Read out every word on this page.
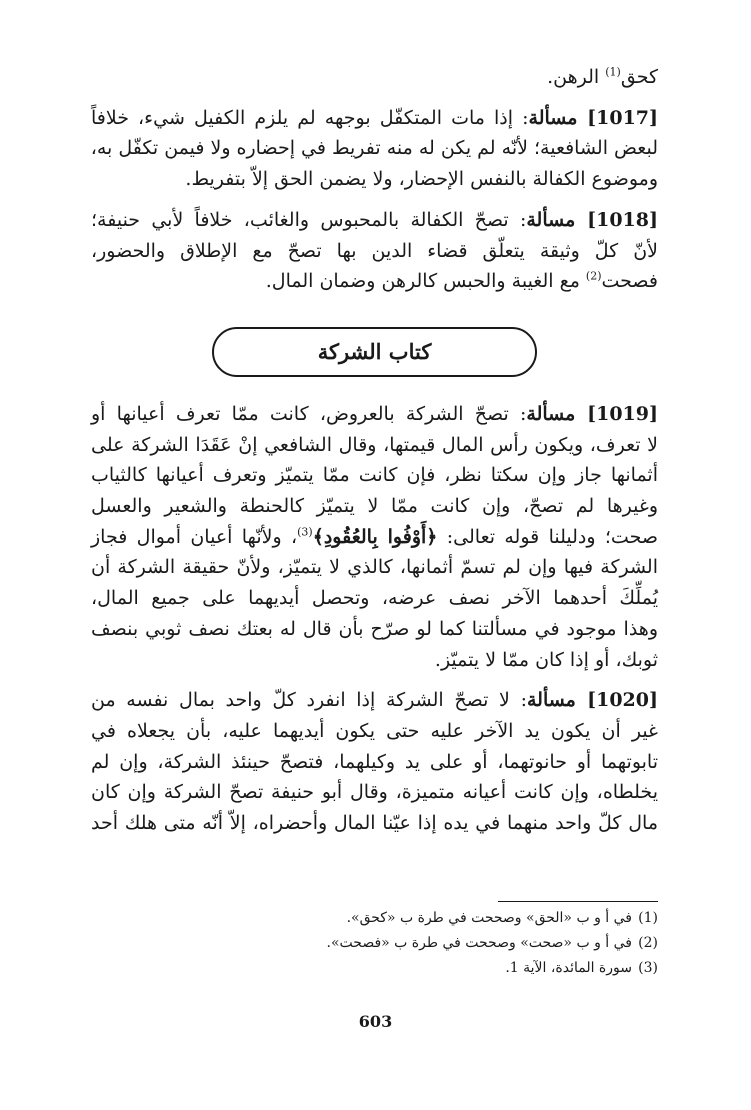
كحق$^{(1)}$ الرهن.

[1017] مسألة: إذا مات المتكفّل بوجهه لم يلزم الكفيل شيء، خلافاً

لبعض الشافعية؛ لأنّه لم يكن له منه تفريط في إحضاره ولا فيمن تكفّل به،

وموضوع الكفالة بالنفس الإحضار، ولا يضمن الحق إلاّ بتفريط.

[1018] مسألة: تصحّ الكفالة بالمحبوس والغائب، خلافاً لأبي حنيفة؛

لأنّ كلّ وثيقة يتعلّق قضاء الدين بها تصحّ مع الإطلاق والحضور،

فصحت$^{(2)}$ مع الغيبة والحبس كالرهن وضمان المال.

كتاب الشركة

[1019] مسألة: تصحّ الشركة بالعروض، كانت ممّا تعرف أعيانها أو

لا تعرف، ويكون رأس المال قيمتها، وقال الشافعي إنْ عَقَدَا الشركة على

أثمانها جاز وإن سكتا نظر، فإن كانت ممّا يتميّز وتعرف أعيانها كالثياب

وغيرها لم تصحّ، وإن كانت ممّا لا يتميّز كالحنطة والشعير والعسل

صحت؛ ودليلنا قوله تعالى: ﴿أَوْفُوا بِالعُقُودِ﴾$^{(3)}$، ولأنّها أعيان أموال فجاز

الشركة فيها وإن لم تسمّ أثمانها، كالذي لا يتميّز، ولأنّ حقيقة الشركة أن

يُملِّكَ أحدهما الآخر نصف عرضه، وتحصل أيديهما على جميع المال،

وهذا موجود في مسألتنا كما لو صرّح بأن قال له بعتك نصف ثوبي بنصف

ثوبك، أو إذا كان ممّا لا يتميّز.

[1020] مسألة: لا تصحّ الشركة إذا انفرد كلّ واحد بمال نفسه من

غير أن يكون يد الآخر عليه حتى يكون أيديهما عليه، بأن يجعلاه في

تابوتهما أو حانوتهما، أو على يد وكيلهما، فتصحّ حينئذ الشركة، وإن لم

يخلطاه، وإن كانت أعيانه متميزة، وقال أبو حنيفة تصحّ الشركة وإن كان

مال كلّ واحد منهما في يده إذا عيّنا المال وأحضراه، إلاّ أنّه متى هلك أحد

(1)في أ و ب «الحق» وصححت في طرة ب «كحق».

(2)في أ و ب «صحت» وصححت في طرة ب «فصحت».

(3)سورة المائدة، الآية 1.

603
